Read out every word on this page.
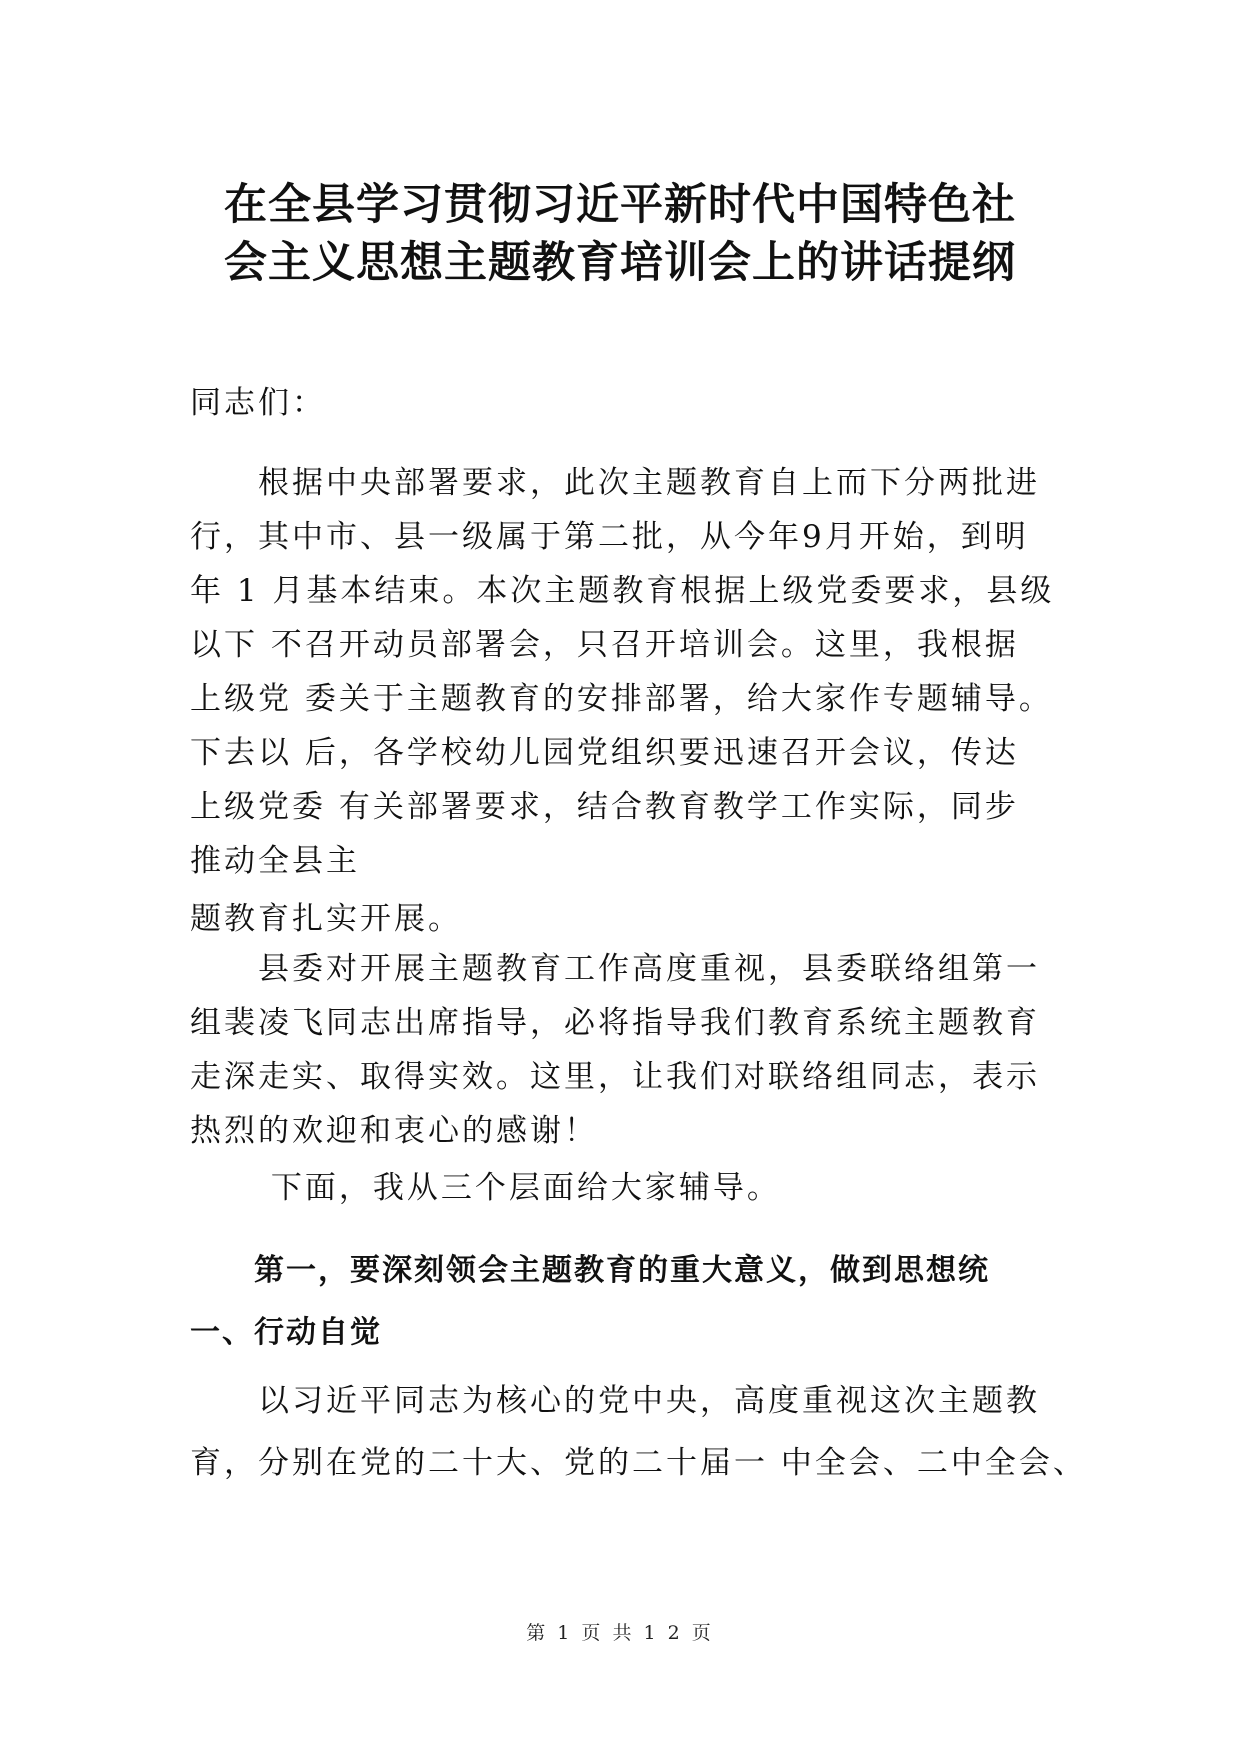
在全县学习贯彻习近平新时代中国特色社
会主义思想主题教育培训会上的讲话提纲
同志们：
　　根据中央部署要求，此次主题教育自上而下分两批进
行，其中市、县一级属于第二批，从今年9月开始，到明
年 1 月基本结束。本次主题教育根据上级党委要求，县级
以下 不召开动员部署会，只召开培训会。这里，我根据
上级党 委关于主题教育的安排部署，给大家作专题辅导。
下去以 后，各学校幼儿园党组织要迅速召开会议，传达
上级党委 有关部署要求，结合教育教学工作实际，同步
推动全县主
题教育扎实开展。
　　县委对开展主题教育工作高度重视，县委联络组第一
组裴凌飞同志出席指导，必将指导我们教育系统主题教育
走深走实、取得实效。这里，让我们对联络组同志，表示
热烈的欢迎和衷心的感谢！
　　 下面，我从三个层面给大家辅导。
　　第一，要深刻领会主题教育的重大意义，做到思想统
一、行动自觉
　　以习近平同志为核心的党中央，高度重视这次主题教
育，分别在党的二十大、党的二十届一 中全会、二中全会、
第 1 页 共 1 2 页
